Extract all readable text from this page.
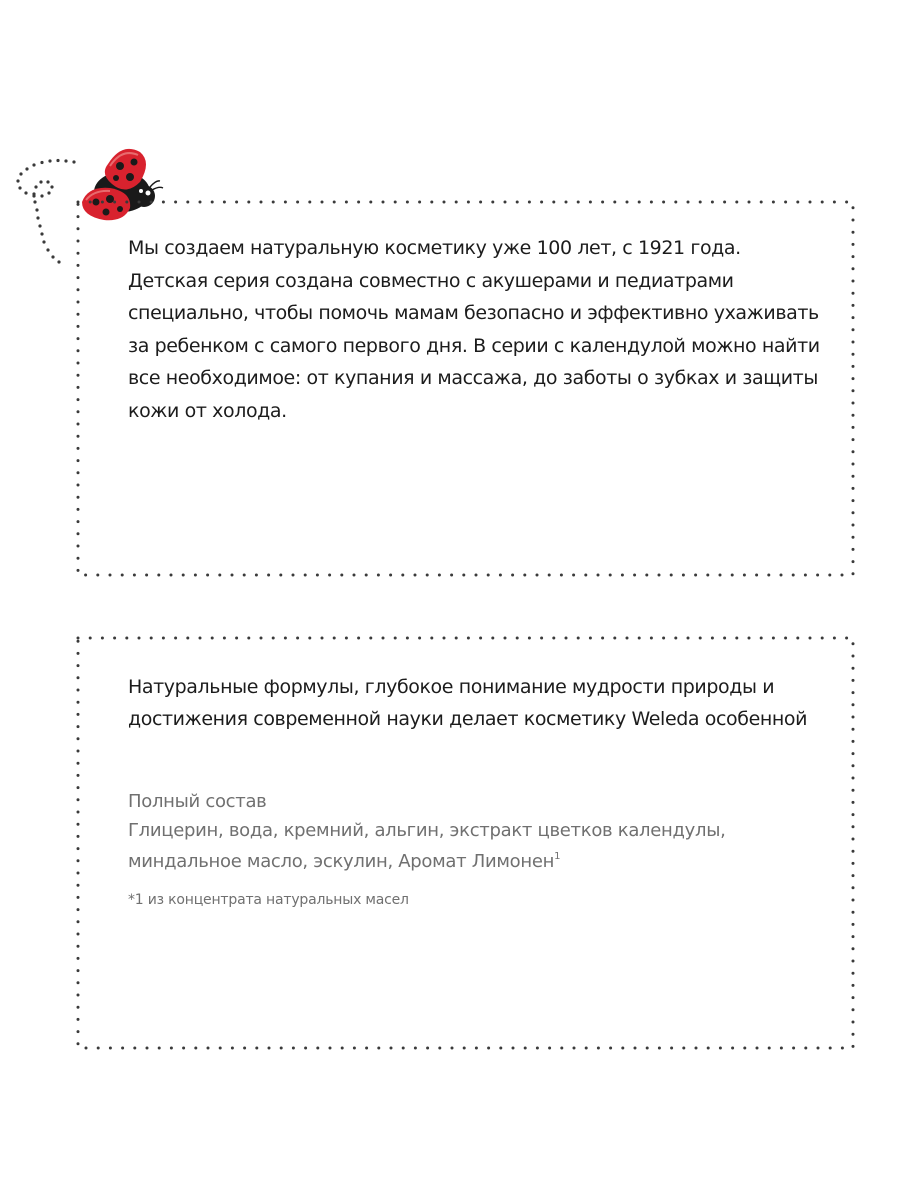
Мы создаем натуральную косметику уже 100 лет, с 1921 года. Детская серия создана совместно с акушерами и педиатрами специально, чтобы помочь мамам безопасно и эффективно ухаживать за ребенком с самого первого дня. В серии с календулой можно найти все необходимое: от купания и массажа, до заботы о зубках и защиты кожи от холода.
Натуральные формулы, глубокое понимание мудрости природы и достижения современной науки делает косметику Weleda особенной
Полный состав
Глицерин, вода, кремний, альгин, экстракт цветков календулы, миндальное масло, эскулин, Аромат Лимонен$^1$
*1 из концентрата натуральных масел
